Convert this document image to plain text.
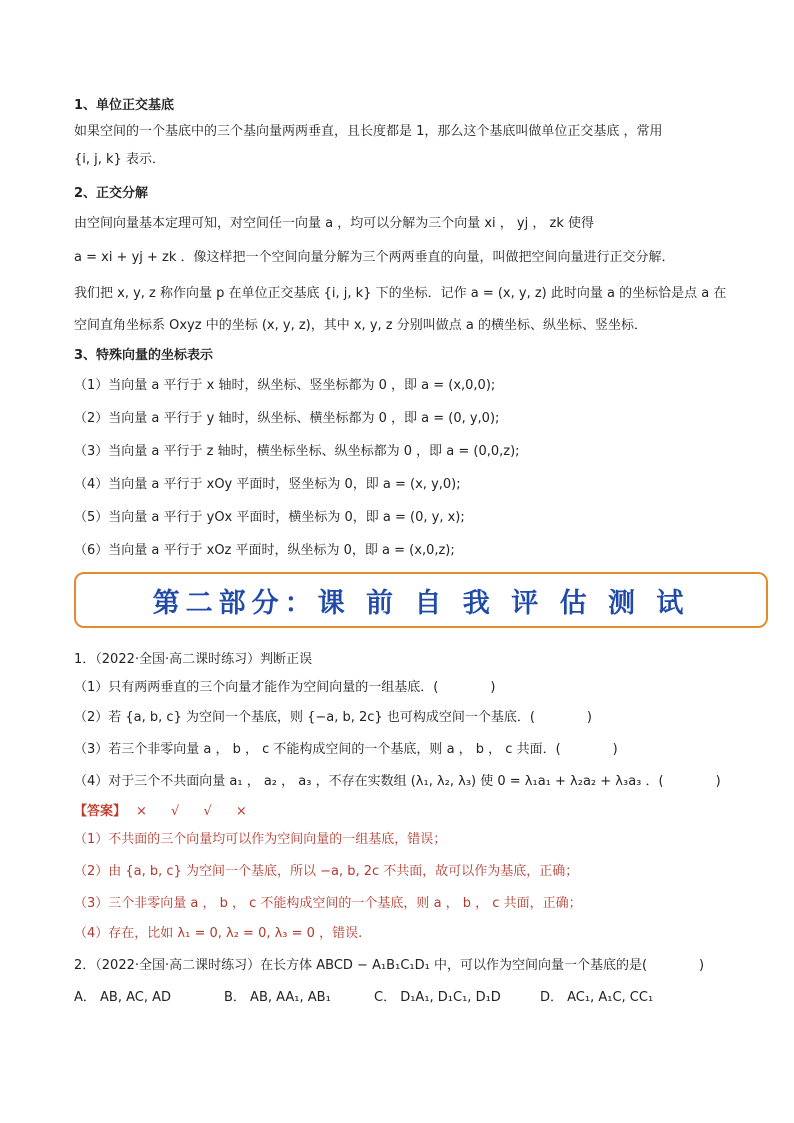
1、单位正交基底
如果空间的一个基底中的三个基向量两两垂直，且长度都是 1，那么这个基底叫做单位正交基底 ，常用
{i, j, k} 表示．
2、正交分解
由空间向量基本定理可知，对空间任一向量 a ，均可以分解为三个向量 xi ， yj ， zk 使得
a = xi + yj + zk ．像这样把一个空间向量分解为三个两两垂直的向量，叫做把空间向量进行正交分解．
我们把 x, y, z 称作向量 p 在单位正交基底 {i, j, k} 下的坐标．记作 a = (x, y, z) 此时向量 a 的坐标恰是点 a 在
空间直角坐标系 Oxyz 中的坐标 (x, y, z)，其中 x, y, z 分别叫做点 a 的横坐标、纵坐标、竖坐标．
3、特殊向量的坐标表示
（1）当向量 a 平行于 x 轴时，纵坐标、竖坐标都为 0 ，即 a = (x,0,0);
（2）当向量 a 平行于 y 轴时，纵坐标、横坐标都为 0 ，即 a = (0, y,0);
（3）当向量 a 平行于 z 轴时，横坐标坐标、纵坐标都为 0 ，即 a = (0,0,z);
（4）当向量 a 平行于 xOy 平面时，竖坐标为 0，即 a = (x, y,0);
（5）当向量 a 平行于 yOx 平面时，横坐标为 0，即 a = (0, y, x);
（6）当向量 a 平行于 xOz 平面时，纵坐标为 0，即 a = (x,0,z);
第二部分：课 前 自 我 评 估 测 试
1．（2022·全国·高二课时练习）判断正误
（1）只有两两垂直的三个向量才能作为空间向量的一组基底．(　　　　)
（2）若 {a, b, c} 为空间一个基底，则 {−a, b, 2c} 也可构成空间一个基底．(　　　　)
（3）若三个非零向量 a ， b ， c 不能构成空间的一个基底，则 a ， b ， c 共面．(　　　　)
（4）对于三个不共面向量 a₁ ， a₂ ， a₃ ，不存在实数组 (λ₁, λ₂, λ₃) 使 0 = λ₁a₁ + λ₂a₂ + λ₃a₃ ．(　　　　)
【答案】 × √ √ ×
（1）不共面的三个向量均可以作为空间向量的一组基底，错误；
（2）由 {a, b, c} 为空间一个基底，所以 −a, b, 2c 不共面，故可以作为基底，正确；
（3）三个非零向量 a ， b ， c 不能构成空间的一个基底，则 a ， b ， c 共面，正确；
（4）存在，比如 λ₁ = 0, λ₂ = 0, λ₃ = 0 ，错误.
2．（2022·全国·高二课时练习）在长方体 ABCD − A₁B₁C₁D₁ 中，可以作为空间向量一个基底的是(　　　　)
A． AB, AC, AD	B． AB, AA₁, AB₁	C． D₁A₁, D₁C₁, D₁D	D． AC₁, A₁C, CC₁
